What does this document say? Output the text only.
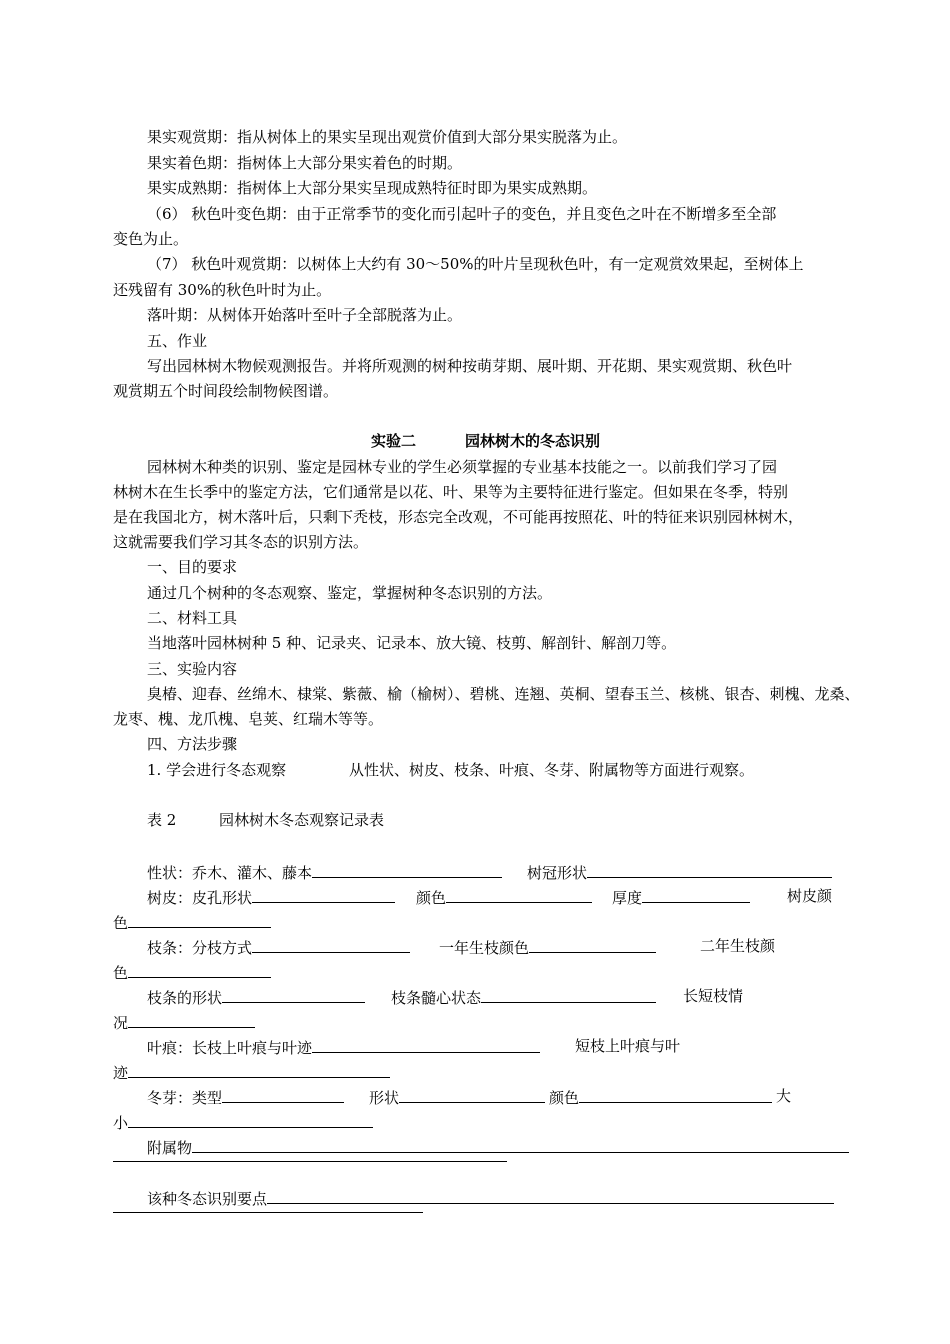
果实观赏期：指从树体上的果实呈现出观赏价值到大部分果实脱落为止。
果实着色期：指树体上大部分果实着色的时期。
果实成熟期：指树体上大部分果实呈现成熟特征时即为果实成熟期。
（6） 秋色叶变色期：由于正常季节的变化而引起叶子的变色，并且变色之叶在不断增多至全部
变色为止。
（7） 秋色叶观赏期：以树体上大约有 30～50%的叶片呈现秋色叶，有一定观赏效果起，至树体上
还残留有 30%的秋色叶时为止。
落叶期：从树体开始落叶至叶子全部脱落为止。
五、作业
写出园林树木物候观测报告。并将所观测的树种按萌芽期、展叶期、开花期、果实观赏期、秋色叶
观赏期五个时间段绘制物候图谱。
实验二	园林树木的冬态识别
园林树木种类的识别、鉴定是园林专业的学生必须掌握的专业基本技能之一。以前我们学习了园
林树木在生长季中的鉴定方法，它们通常是以花、叶、果等为主要特征进行鉴定。但如果在冬季，特别
是在我国北方，树木落叶后，只剩下秃枝，形态完全改观，不可能再按照花、叶的特征来识别园林树木，
这就需要我们学习其冬态的识别方法。
一、目的要求
通过几个树种的冬态观察、鉴定，掌握树种冬态识别的方法。
二、材料工具
当地落叶园林树种 5 种、记录夹、记录本、放大镜、枝剪、解剖针、解剖刀等。
三、实验内容
臭椿、迎春、丝绵木、棣棠、紫薇、榆（榆树）、碧桃、连翘、英桐、望春玉兰、核桃、银杏、刺槐、龙桑、
龙枣、槐、龙爪槐、皂荚、红瑞木等等。
四、方法步骤
1. 学会进行冬态观察	从性状、树皮、枝条、叶痕、冬芽、附属物等方面进行观察。
表 2	园林树木冬态观察记录表
性状：乔木、灌木、藤本	树冠形状
树皮：皮孔形状	颜色	厚度	树皮颜
色
枝条：分枝方式	一年生枝颜色	二年生枝颜
色
枝条的形状	枝条髓心状态	长短枝情
况
叶痕：长枝上叶痕与叶迹	短枝上叶痕与叶
迹
冬芽：类型	形状	颜色	大
小
附属物
该种冬态识别要点
